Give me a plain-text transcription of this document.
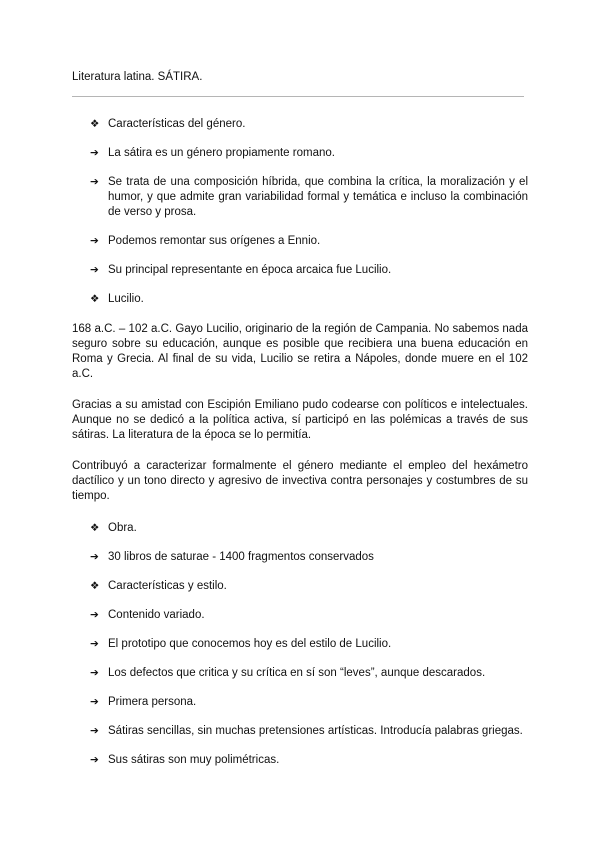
Literatura latina. SÁTIRA.
❖ Características del género.
➔ La sátira es un género propiamente romano.
➔ Se trata de una composición híbrida, que combina la crítica, la moralización y el humor, y que admite gran variabilidad formal y temática e incluso la combinación de verso y prosa.
➔ Podemos remontar sus orígenes a Ennio.
➔ Su principal representante en época arcaica fue Lucilio.
❖ Lucilio.

168 a.C. – 102 a.C. Gayo Lucilio, originario de la región de Campania. No sabemos nada seguro sobre su educación, aunque es posible que recibiera una buena educación en Roma y Grecia. Al final de su vida, Lucilio se retira a Nápoles, donde muere en el 102 a.C.

Gracias a su amistad con Escipión Emiliano pudo codearse con políticos e intelectuales. Aunque no se dedicó a la política activa, sí participó en las polémicas a través de sus sátiras. La literatura de la época se lo permitía.

Contribuyó a caracterizar formalmente el género mediante el empleo del hexámetro dactílico y un tono directo y agresivo de invectiva contra personajes y costumbres de su tiempo.

❖ Obra.
➔ 30 libros de saturae - 1400 fragmentos conservados
❖ Características y estilo.
➔ Contenido variado.
➔ El prototipo que conocemos hoy es del estilo de Lucilio.
➔ Los defectos que critica y su crítica en sí son “leves”, aunque descarados.
➔ Primera persona.
➔ Sátiras sencillas, sin muchas pretensiones artísticas. Introducía palabras griegas.
➔ Sus sátiras son muy polimétricas.
